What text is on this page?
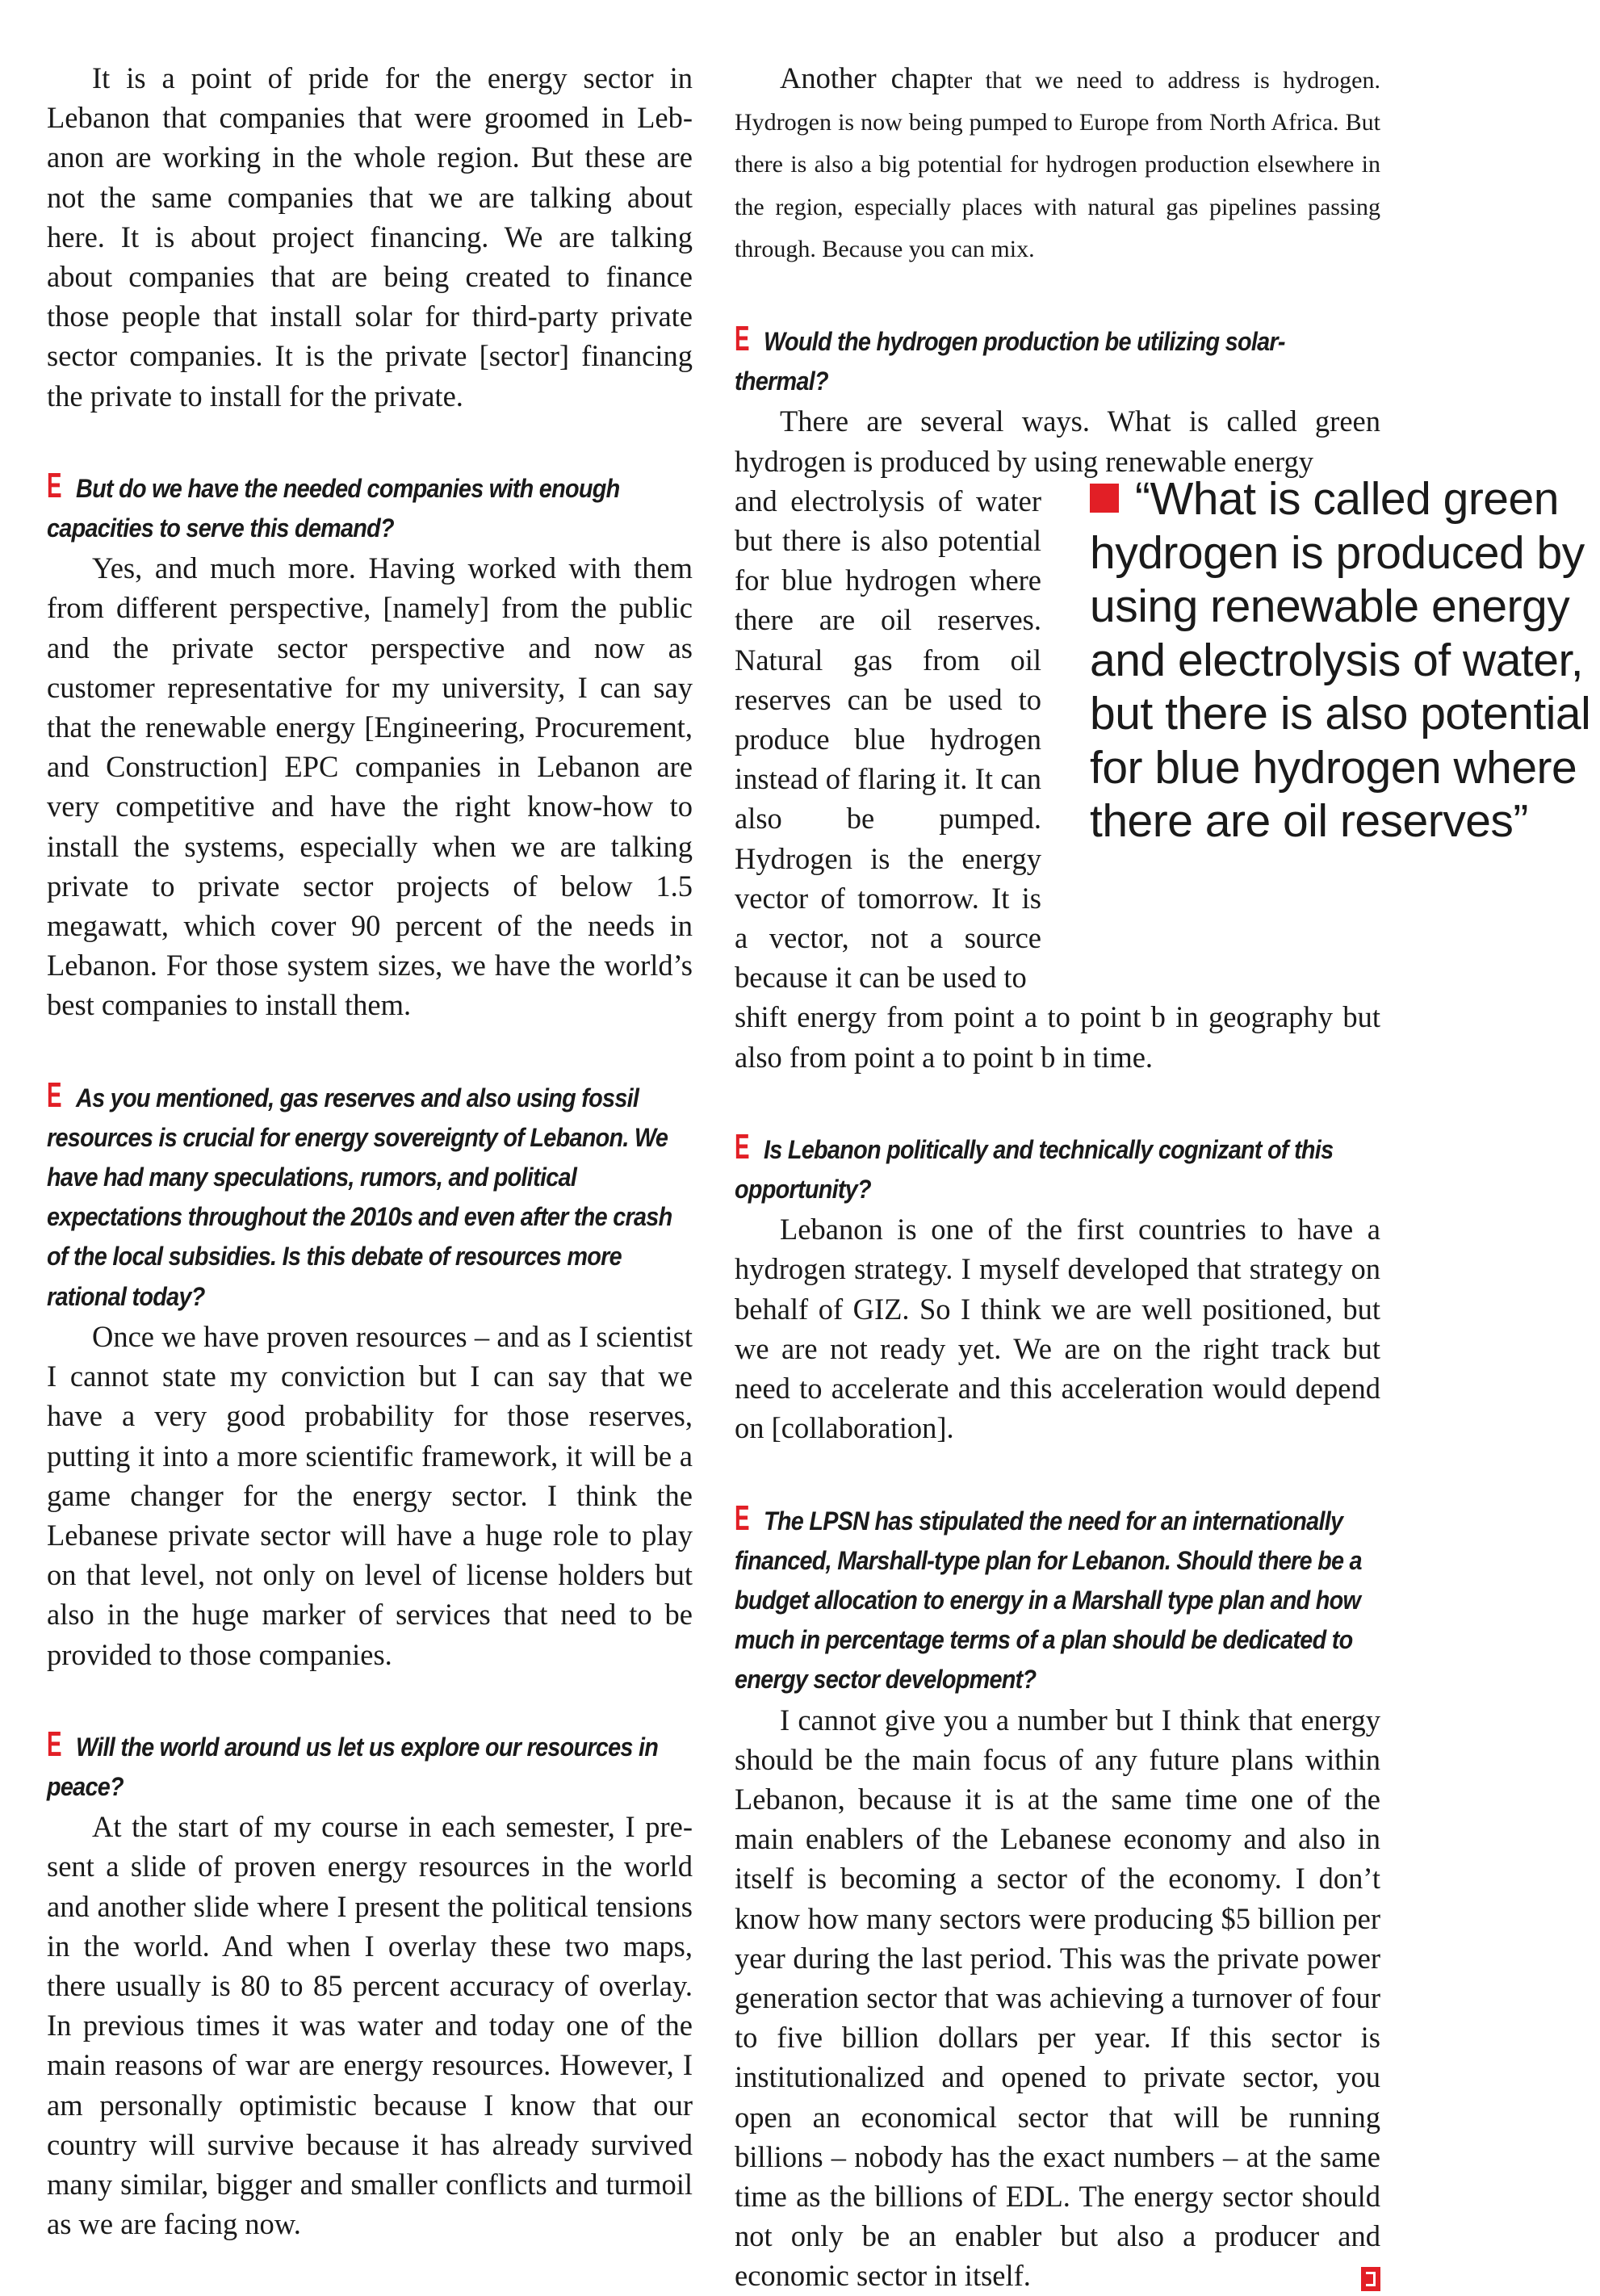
It is a point of pride for the energy sector in Lebanon that companies that were groomed in Lebanon are working in the whole region. But these are not the same companies that we are talking about here. It is about project financing. We are talking about companies that are being created to finance those people that install solar for third-party private sector companies. It is the private [sector] financing the private to install for the private.

E But do we have the needed companies with enough capacities to serve this demand?

Yes, and much more. Having worked with them from different perspective, [namely] from the public and the private sector perspective and now as customer representative for my university, I can say that the renewable energy [Engineering, Procurement, and Construction] EPC companies in Lebanon are very competitive and have the right know-how to install the systems, especially when we are talking private to private sector projects of below 1.5 megawatt, which cover 90 percent of the needs in Lebanon. For those system sizes, we have the world’s best companies to install them.

E As you mentioned, gas reserves and also using fossil resources is crucial for energy sovereignty of Lebanon. We have had many speculations, rumors, and political expectations throughout the 2010s and even after the crash of the local subsidies. Is this debate of resources more rational today?

Once we have proven resources – and as I scientist I cannot state my conviction but I can say that we have a very good probability for those reserves, putting it into a more scientific framework, it will be a game changer for the energy sector. I think the Lebanese private sector will have a huge role to play on that level, not only on level of license holders but also in the huge marker of services that need to be provided to those companies.

E Will the world around us let us explore our resources in peace?

At the start of my course in each semester, I present a slide of proven energy resources in the world and another slide where I present the political tensions in the world. And when I overlay these two maps, there usually is 80 to 85 percent accuracy of overlay. In previous times it was water and today one of the main reasons of war are energy resources. However, I am personally optimistic because I know that our country will survive because it has already survived many similar, bigger and smaller conflicts and turmoil as we are facing now.

Another chapter that we need to address is hydrogen. Hydrogen is now being pumped to Europe from North Africa. But there is also a big potential for hydrogen production elsewhere in the region, especially places with natural gas pipelines passing through. Because you can mix.

E Would the hydrogen production be utilizing solar-thermal?

There are several ways. What is called green hydrogen is produced by using renewable energy

and electrolysis of water but there is also potential for blue hydrogen where there are oil reserves. Natural gas from oil reserves can be used to produce blue hydrogen instead of flaring it. It can also be pumped. Hydrogen is the energy vector of tomorrow. It is a vector, not a source because it can be used to

shift energy from point a to point b in geography but also from point a to point b in time.

E Is Lebanon politically and technically cognizant of this opportunity?

Lebanon is one of the first countries to have a hydrogen strategy. I myself developed that strategy on behalf of GIZ. So I think we are well positioned, but we are not ready yet. We are on the right track but need to accelerate and this acceleration would depend on [collaboration].

E The LPSN has stipulated the need for an internationally financed, Marshall-type plan for Lebanon. Should there be a budget allocation to energy in a Marshall type plan and how much in percentage terms of a plan should be dedicated to energy sector development?

I cannot give you a number but I think that energy should be the main focus of any future plans within Lebanon, because it is at the same time one of the main enablers of the Lebanese economy and also in itself is becoming a sector of the economy. I don’t know how many sectors were producing $5 billion per year during the last period. This was the private power generation sector that was achieving a turnover of four to five billion dollars per year. If this sector is institutionalized and opened to private sector, you open an economical sector that will be running billions – nobody has the exact numbers – at the same time as the billions of EDL. The energy sector should not only be an enabler but also a producer and economic sector in itself.

“What is called green hydrogen is produced by using renewable energy and electrolysis of water, but there is also potential for blue hydrogen where there are oil reserves”
